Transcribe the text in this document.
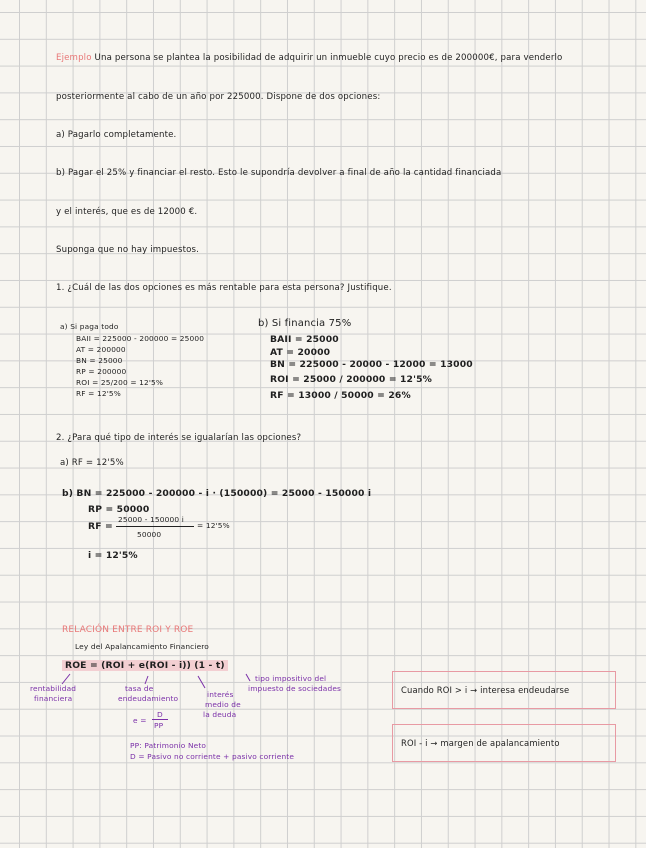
Ejemplo Una persona se plantea la posibilidad de adquirir un inmueble cuyo precio es de 200000€, para venderlo
posteriormente al cabo de un año por 225000. Dispone de dos opciones:
a) Pagarlo completamente.
b) Pagar el 25% y financiar el resto. Esto le supondría devolver a final de año la cantidad financiada
y el interés, que es de 12000 €.
Suponga que no hay impuestos.
1. ¿Cuál de las dos opciones es más rentable para esta persona? Justifique.
a) Si paga todo
BAII = 225000 - 200000 = 25000
AT = 200000
BN = 25000
RP = 200000
ROI = 25/200 = 12'5%
RF = 12'5%
b) Si financia 75%
BAII = 25000
AT = 20000
BN = 225000 - 20000 - 12000 = 13000
ROI = 25000 / 200000 = 12'5%
RF = 13000 / 50000 = 26%
2. ¿Para qué tipo de interés se igualarían las opciones?
a) RF = 12'5%
b) BN = 225000 - 200000 - i · (150000) = 25000 - 150000 i
RP = 50000
RF =
25000 - 150000 i
50000
= 12'5%
i = 12'5%
RELACIÓN ENTRE ROI Y ROE
Ley del Apalancamiento Financiero
ROE = (ROI + e(ROI - i)) (1 - t)
rentabilidad
financiera
tasa de
endeudamiento	interés
medio de
la deuda
tipo impositivo del
impuesto de sociedades
e =
D
PP
PP: Patrimonio Neto
D = Pasivo no corriente + pasivo corriente
Cuando ROI > i → interesa endeudarse
ROI - i → margen de apalancamiento
